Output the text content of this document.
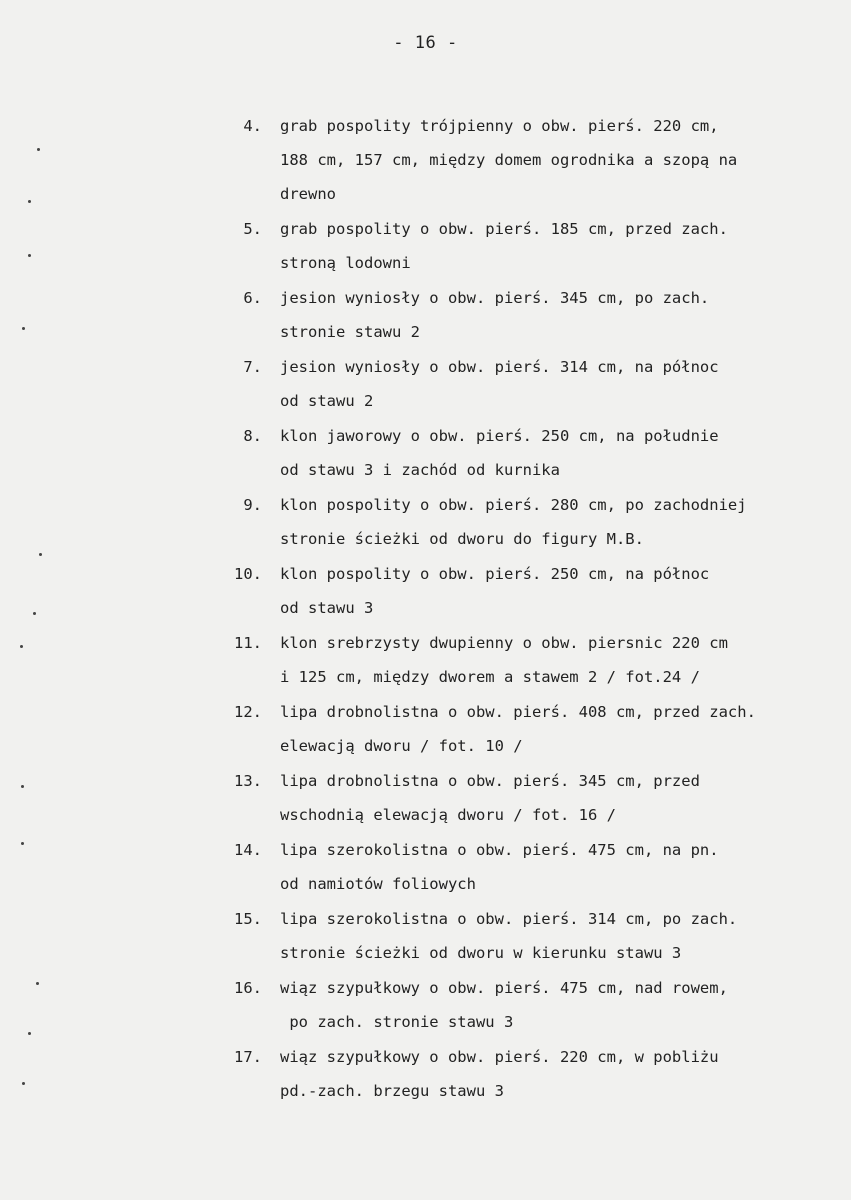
- 16 -
4. grab pospolity trójpienny o obw. pierś. 220 cm,
188 cm, 157 cm, między domem ogrodnika a szopą na
drewno
5. grab pospolity o obw. pierś. 185 cm, przed zach.
stroną lodowni
6. jesion wyniosły o obw. pierś. 345 cm, po zach.
stronie stawu 2
7. jesion wyniosły o obw. pierś. 314 cm, na północ
od stawu 2
8. klon jaworowy o obw. pierś. 250 cm, na południe
od stawu 3 i zachód od kurnika
9. klon pospolity o obw. pierś. 280 cm, po zachodniej
stronie ścieżki od dworu do figury M.B.
10. klon pospolity o obw. pierś. 250 cm, na północ
od stawu 3
11. klon srebrzysty dwupienny o obw. piersnic 220 cm
i 125 cm, między dworem a stawem 2 / fot.24 /
12. lipa drobnolistna o obw. pierś. 408 cm, przed zach.
elewacją dworu / fot. 10 /
13. lipa drobnolistna o obw. pierś. 345 cm, przed
wschodnią elewacją dworu / fot. 16 /
14. lipa szerokolistna o obw. pierś. 475 cm, na pn.
od namiotów foliowych
15. lipa szerokolistna o obw. pierś. 314 cm, po zach.
stronie ścieżki od dworu w kierunku stawu 3
16. wiąz szypułkowy o obw. pierś. 475 cm, nad rowem,
po zach. stronie stawu 3
17. wiąz szypułkowy o obw. pierś. 220 cm, w pobliżu
pd.-zach. brzegu stawu 3
